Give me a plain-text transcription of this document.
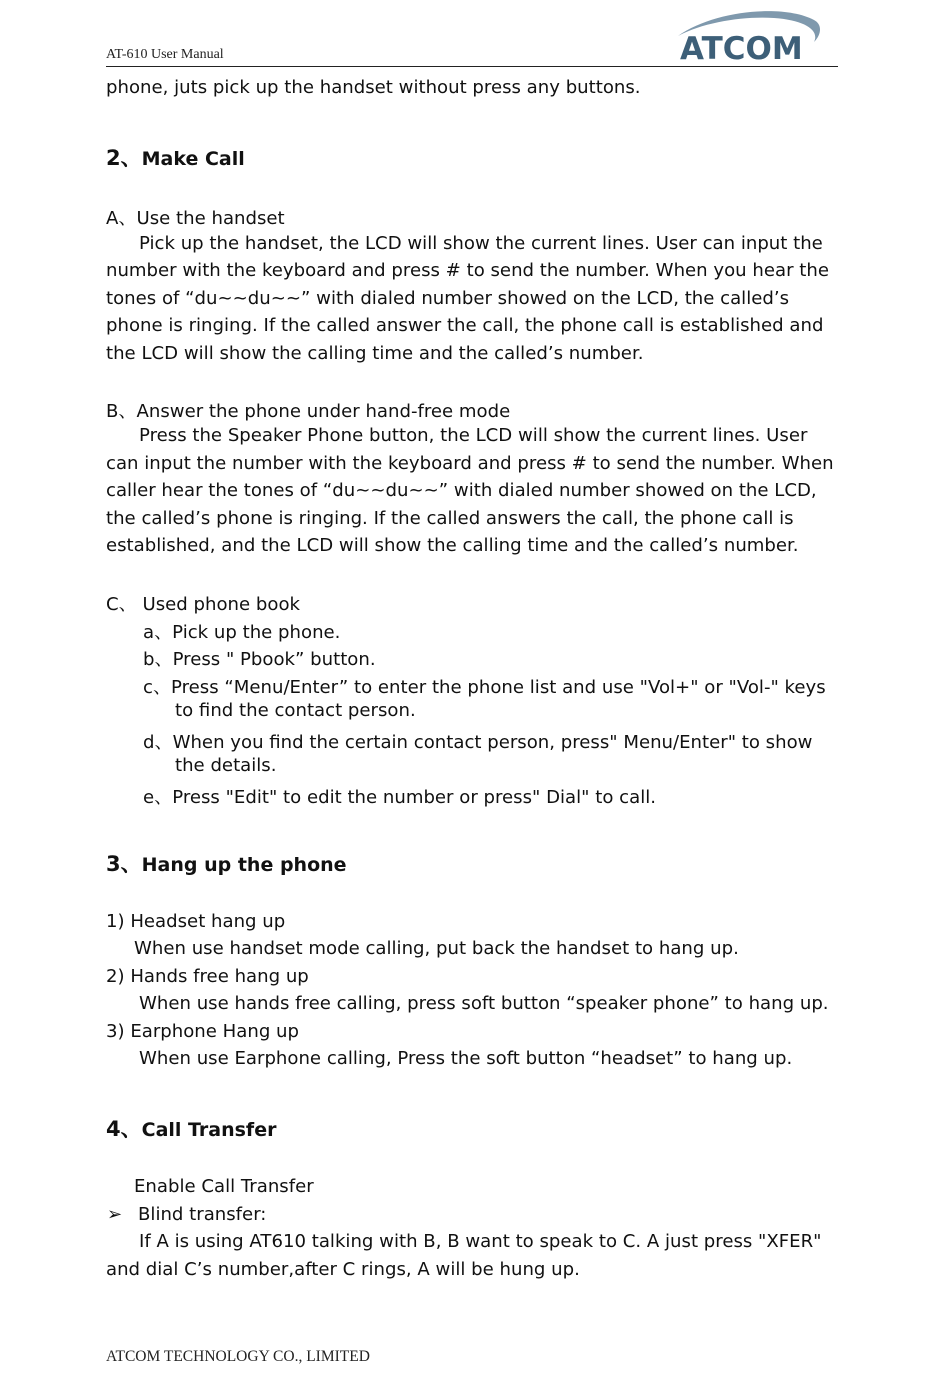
AT-610 User Manual	ATCOM
phone, juts pick up the handset without press any buttons.
2、Make Call
A、Use the handset
Pick up the handset, the LCD will show the current lines. User can input the
number with the keyboard and press # to send the number. When you hear the
tones of “du~~du~~” with dialed number showed on the LCD, the called’s
phone is ringing. If the called answer the call, the phone call is established and
the LCD will show the calling time and the called’s number.
B、Answer the phone under hand-free mode
Press the Speaker Phone button, the LCD will show the current lines. User
can input the number with the keyboard and press # to send the number. When
caller hear the tones of “du~~du~~” with dialed number showed on the LCD,
the called’s phone is ringing. If the called answers the call, the phone call is
established, and the LCD will show the calling time and the called’s number.
C、 Used phone book
a、Pick up the phone.
b、Press " Pbook” button.
c、Press “Menu/Enter” to enter the phone list and use "Vol+" or "Vol-" keys
to find the contact person.
d、When you find the certain contact person, press" Menu/Enter" to show
the details.
e、Press "Edit" to edit the number or press" Dial" to call.
3、Hang up the phone
1) Headset hang up
When use handset mode calling, put back the handset to hang up.
2) Hands free hang up
When use hands free calling, press soft button “speaker phone” to hang up.
3) Earphone Hang up
When use Earphone calling, Press the soft button “headset” to hang up.
4、Call Transfer
Enable Call Transfer
➢ Blind transfer:
If A is using AT610 talking with B, B want to speak to C. A just press "XFER"
and dial C’s number,after C rings, A will be hung up.
ATCOM TECHNOLOGY CO., LIMITED
